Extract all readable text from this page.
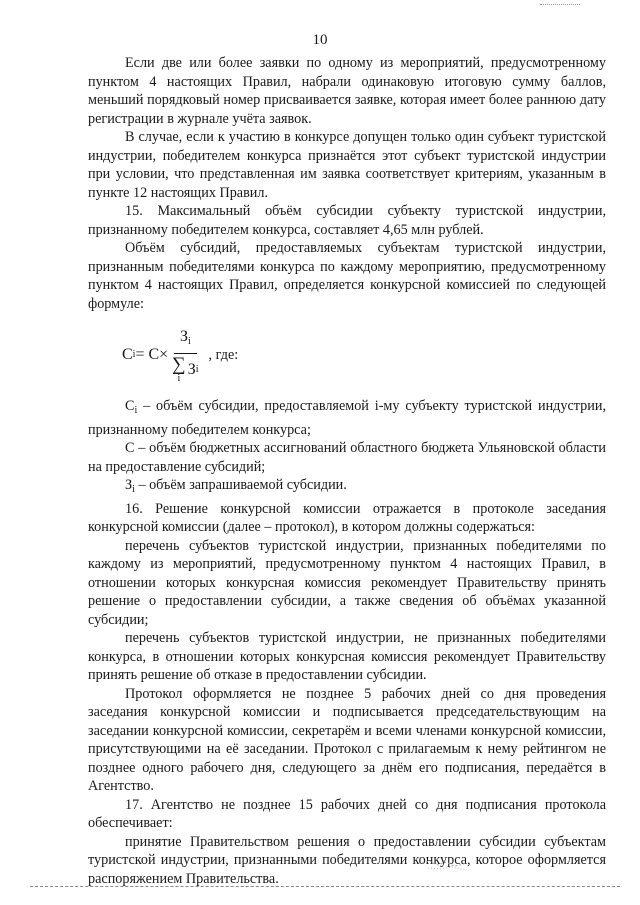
10

Если две или более заявки по одному из мероприятий, предусмотренному пунктом 4 настоящих Правил, набрали одинаковую итоговую сумму баллов, меньший порядковый номер присваивается заявке, которая имеет более раннюю дату регистрации в журнале учёта заявок.

В случае, если к участию в конкурсе допущен только один субъект туристской индустрии, победителем конкурса признаётся этот субъект туристской индустрии при условии, что представленная им заявка соответствует критериям, указанным в пункте 12 настоящих Правил.

15. Максимальный объём субсидии субъекту туристской индустрии, признанному победителем конкурса, составляет 4,65 млн рублей.

Объём субсидий, предоставляемых субъектам туристской индустрии, признанным победителями конкурса по каждому мероприятию, предусмотренному пунктом 4 настоящих Правил, определяется конкурсной комиссией по следующей формуле:

С $i = С\times З_i$
∑
i
З i , где:

$С_i$ – объём субсидии, предоставляемой i-му субъекту туристской индустрии, признанному победителем конкурса;

С – объём бюджетных ассигнований областного бюджета Ульяновской области на предоставление субсидий;

$З_i$ – объём запрашиваемой субсидии.

16. Решение конкурсной комиссии отражается в протоколе заседания конкурсной комиссии (далее – протокол), в котором должны содержаться:

перечень субъектов туристской индустрии, признанных победителями по каждому из мероприятий, предусмотренному пунктом 4 настоящих Правил, в отношении которых конкурсная комиссия рекомендует Правительству принять решение о предоставлении субсидии, а также сведения об объёмах указанной субсидии;

перечень субъектов туристской индустрии, не признанных победителями конкурса, в отношении которых конкурсная комиссия рекомендует Правительству принять решение об отказе в предоставлении субсидии.

Протокол оформляется не позднее 5 рабочих дней со дня проведения заседания конкурсной комиссии и подписывается председательствующим на заседании конкурсной комиссии, секретарём и всеми членами конкурсной комиссии, присутствующими на её заседании. Протокол с прилагаемым к нему рейтингом не позднее одного рабочего дня, следующего за днём его подписания, передаётся в Агентство.

17. Агентство не позднее 15 рабочих дней со дня подписания протокола обеспечивает:

принятие Правительством решения о предоставлении субсидии субъектам туристской индустрии, признанными победителями конкурса, которое оформляется распоряжением Правительства.
